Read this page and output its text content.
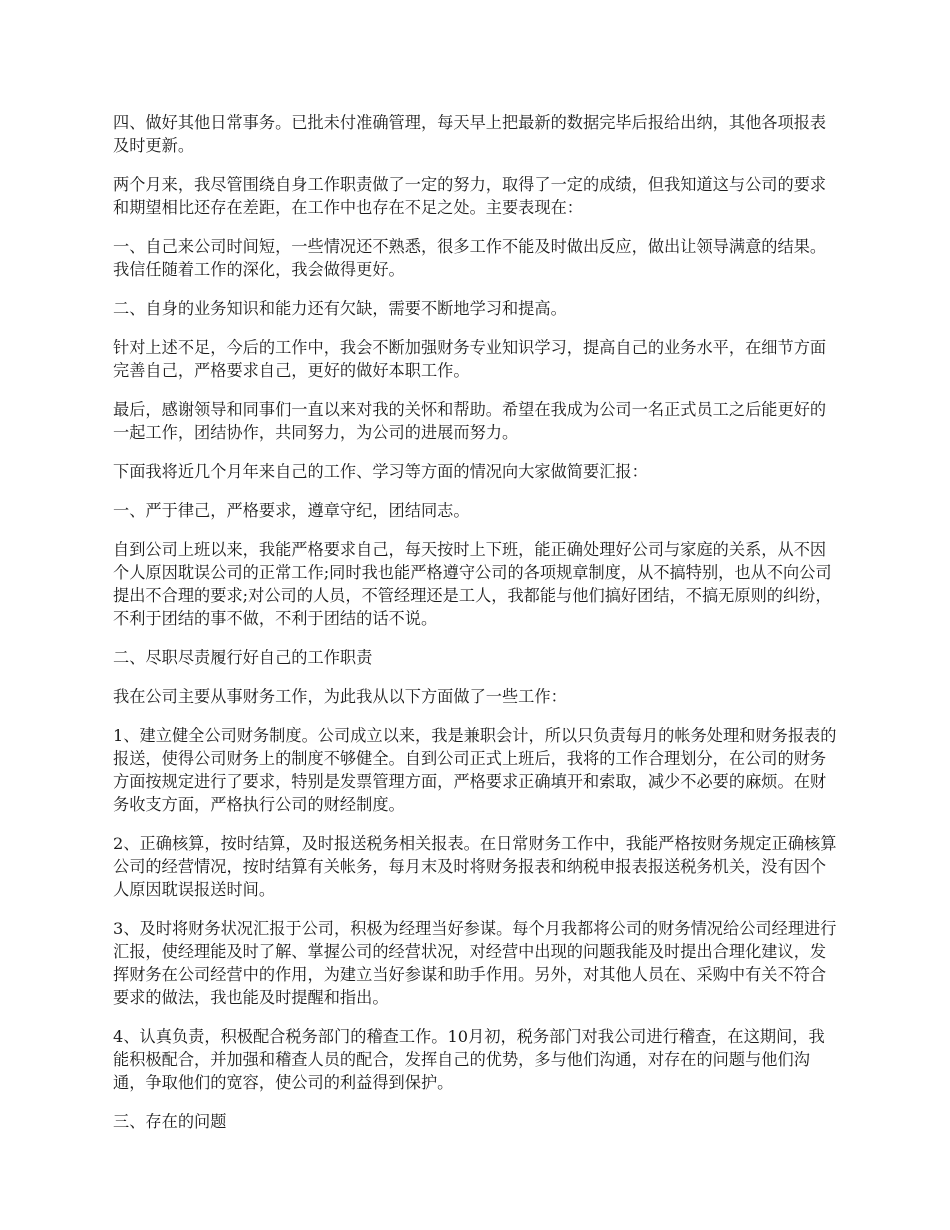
四、做好其他日常事务。已批未付准确管理，每天早上把最新的数据完毕后报给出纳，其他各项报表及时更新。

两个月来，我尽管围绕自身工作职责做了一定的努力，取得了一定的成绩，但我知道这与公司的要求和期望相比还存在差距，在工作中也存在不足之处。主要表现在：

一、自己来公司时间短，一些情况还不熟悉，很多工作不能及时做出反应，做出让领导满意的结果。我信任随着工作的深化，我会做得更好。

二、自身的业务知识和能力还有欠缺，需要不断地学习和提高。

针对上述不足，今后的工作中，我会不断加强财务专业知识学习，提高自己的业务水平，在细节方面完善自己，严格要求自己，更好的做好本职工作。

最后，感谢领导和同事们一直以来对我的关怀和帮助。希望在我成为公司一名正式员工之后能更好的一起工作，团结协作，共同努力，为公司的进展而努力。

下面我将近几个月年来自己的工作、学习等方面的情况向大家做简要汇报：

一、严于律己，严格要求，遵章守纪，团结同志。

自到公司上班以来，我能严格要求自己，每天按时上下班，能正确处理好公司与家庭的关系，从不因个人原因耽误公司的正常工作;同时我也能严格遵守公司的各项规章制度，从不搞特别，也从不向公司提出不合理的要求;对公司的人员，不管经理还是工人，我都能与他们搞好团结，不搞无原则的纠纷，不利于团结的事不做，不利于团结的话不说。

二、尽职尽责履行好自己的工作职责

我在公司主要从事财务工作，为此我从以下方面做了一些工作：

1、建立健全公司财务制度。公司成立以来，我是兼职会计，所以只负责每月的帐务处理和财务报表的报送，使得公司财务上的制度不够健全。自到公司正式上班后，我将的工作合理划分，在公司的财务方面按规定进行了要求，特别是发票管理方面，严格要求正确填开和索取，减少不必要的麻烦。在财务收支方面，严格执行公司的财经制度。

2、正确核算，按时结算，及时报送税务相关报表。在日常财务工作中，我能严格按财务规定正确核算公司的经营情况，按时结算有关帐务，每月末及时将财务报表和纳税申报表报送税务机关，没有因个人原因耽误报送时间。

3、及时将财务状况汇报于公司，积极为经理当好参谋。每个月我都将公司的财务情况给公司经理进行汇报，使经理能及时了解、掌握公司的经营状况，对经营中出现的问题我能及时提出合理化建议，发挥财务在公司经营中的作用，为建立当好参谋和助手作用。另外，对其他人员在、采购中有关不符合要求的做法，我也能及时提醒和指出。

4、认真负责，积极配合税务部门的稽查工作。10月初，税务部门对我公司进行稽查，在这期间，我能积极配合，并加强和稽查人员的配合，发挥自己的优势，多与他们沟通，对存在的问题与他们沟通，争取他们的宽容，使公司的利益得到保护。

三、存在的问题
